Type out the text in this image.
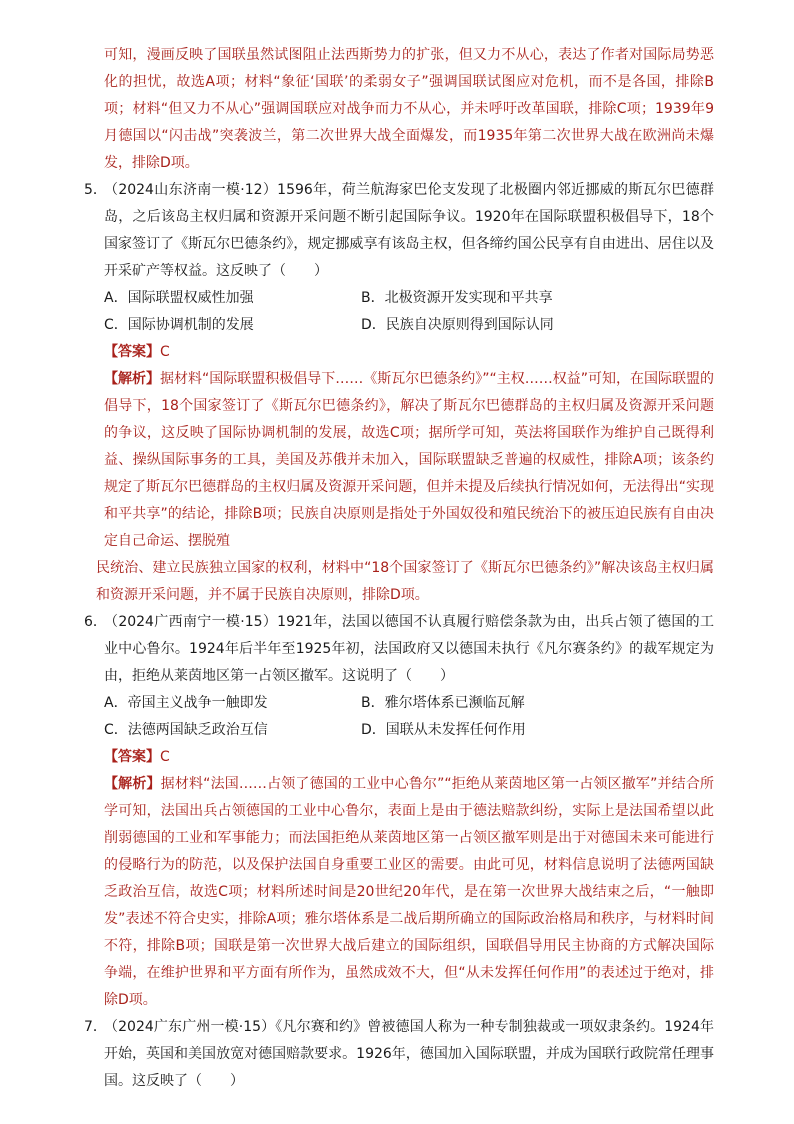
可知，漫画反映了国联虽然试图阻止法西斯势力的扩张，但又力不从心，表达了作者对国际局势恶化的担忧，故选A项；材料“象征‘国联’的柔弱女子”强调国联试图应对危机，而不是各国，排除B项；材料“但又力不从心”强调国联应对战争而力不从心，并未呼吁改革国联，排除C项；1939年9月德国以“闪击战”突袭波兰，第二次世界大战全面爆发，而1935年第二次世界大战在欧洲尚未爆发，排除D项。

5．

（2024山东济南一模·12）1596年，荷兰航海家巴伦支发现了北极圈内邻近挪威的斯瓦尔巴德群岛，之后该岛主权归属和资源开采问题不断引起国际争议。1920年在国际联盟积极倡导下，18个国家签订了《斯瓦尔巴德条约》，规定挪威享有该岛主权，但各缔约国公民享有自由进出、居住以及开采矿产等权益。这反映了（　　）

A．国际联盟权威性加强	B．北极资源开发实现和平共享
C．国际协调机制的发展	D．民族自决原则得到国际认同

【答案】C

【解析】据材料“国际联盟积极倡导下……《斯瓦尔巴德条约》”“主权……权益”可知，在国际联盟的倡导下，18个国家签订了《斯瓦尔巴德条约》，解决了斯瓦尔巴德群岛的主权归属及资源开采问题的争议，这反映了国际协调机制的发展，故选C项；据所学可知，英法将国联作为维护自己既得利益、操纵国际事务的工具，美国及苏俄并未加入，国际联盟缺乏普遍的权威性，排除A项；该条约规定了斯瓦尔巴德群岛的主权归属及资源开采问题，但并未提及后续执行情况如何，无法得出“实现和平共享”的结论，排除B项；民族自决原则是指处于外国奴役和殖民统治下的被压迫民族有自由决定自己命运、摆脱殖

民统治、建立民族独立国家的权利，材料中“18个国家签订了《斯瓦尔巴德条约》”解决该岛主权归属和资源开采问题，并不属于民族自决原则，排除D项。

6．

（2024广西南宁一模·15）1921年，法国以德国不认真履行赔偿条款为由，出兵占领了德国的工业中心鲁尔。1924年后半年至1925年初，法国政府又以德国未执行《凡尔赛条约》的裁军规定为由，拒绝从莱茵地区第一占领区撤军。这说明了（　　）

A．帝国主义战争一触即发	B．雅尔塔体系已濒临瓦解
C．法德两国缺乏政治互信	D．国联从未发挥任何作用

【答案】C

【解析】据材料“法国……占领了德国的工业中心鲁尔”“拒绝从莱茵地区第一占领区撤军”并结合所学可知，法国出兵占领德国的工业中心鲁尔，表面上是由于德法赔款纠纷，实际上是法国希望以此削弱德国的工业和军事能力；而法国拒绝从莱茵地区第一占领区撤军则是出于对德国未来可能进行的侵略行为的防范，以及保护法国自身重要工业区的需要。由此可见，材料信息说明了法德两国缺乏政治互信，故选C项；材料所述时间是20世纪20年代，是在第一次世界大战结束之后，“一触即发”表述不符合史实，排除A项；雅尔塔体系是二战后期所确立的国际政治格局和秩序，与材料时间不符，排除B项；国联是第一次世界大战后建立的国际组织，国联倡导用民主协商的方式解决国际争端，在维护世界和平方面有所作为，虽然成效不大，但“从未发挥任何作用”的表述过于绝对，排除D项。

7．

（2024广东广州一模·15）《凡尔赛和约》曾被德国人称为一种专制独裁或一项奴隶条约。1924年开始，英国和美国放宽对德国赔款要求。1926年，德国加入国际联盟，并成为国联行政院常任理事国。这反映了（　　）
